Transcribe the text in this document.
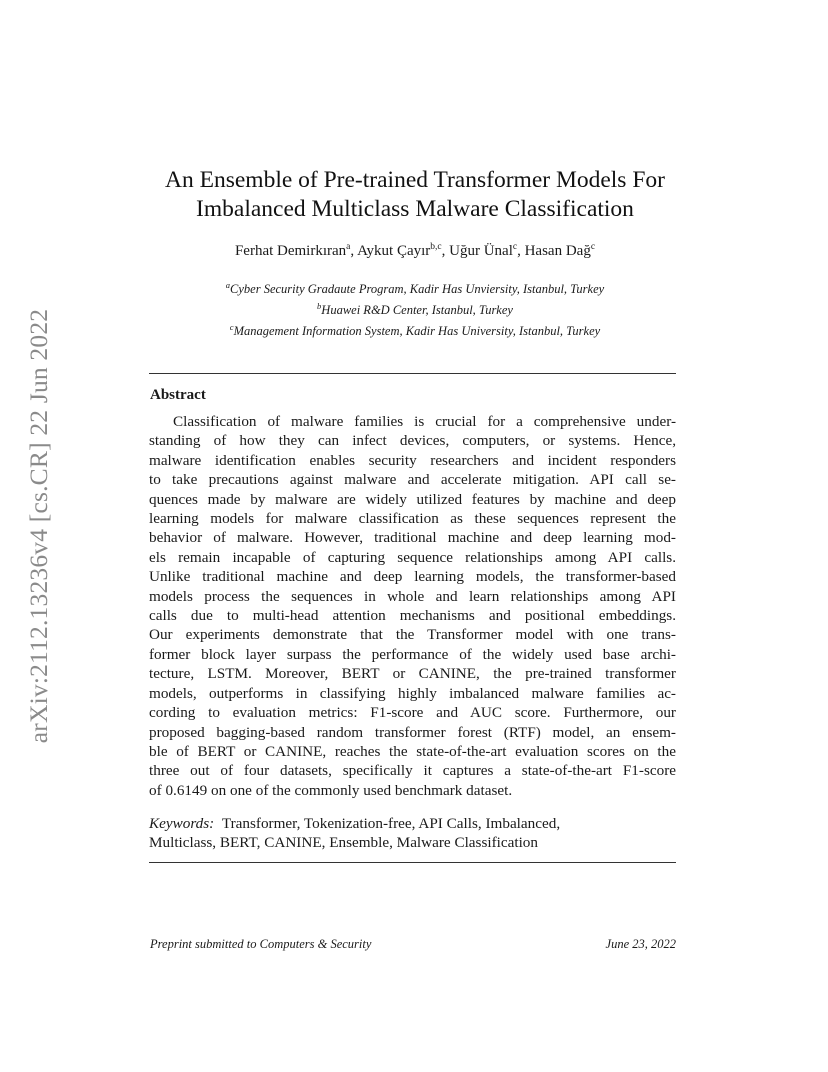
arXiv:2112.13236v4 [cs.CR] 22 Jun 2022
An Ensemble of Pre-trained Transformer Models For
Imbalanced Multiclass Malware Classification
Ferhat Demirkıran$^a$, Aykut Çayır$^{b,c}$, Uğur Ünal$^c$, Hasan Dağ$^c$
$^a$Cyber Security Gradaute Program, Kadir Has Unviersity, Istanbul, Turkey
$^b$Huawei R&D Center, Istanbul, Turkey
$^c$Management Information System, Kadir Has University, Istanbul, Turkey
Abstract
Classification of malware families is crucial for a comprehensive under-
standing of how they can infect devices, computers, or systems. Hence,
malware identification enables security researchers and incident responders
to take precautions against malware and accelerate mitigation. API call se-
quences made by malware are widely utilized features by machine and deep
learning models for malware classification as these sequences represent the
behavior of malware. However, traditional machine and deep learning mod-
els remain incapable of capturing sequence relationships among API calls.
Unlike traditional machine and deep learning models, the transformer-based
models process the sequences in whole and learn relationships among API
calls due to multi-head attention mechanisms and positional embeddings.
Our experiments demonstrate that the Transformer model with one trans-
former block layer surpass the performance of the widely used base archi-
tecture, LSTM. Moreover, BERT or CANINE, the pre-trained transformer
models, outperforms in classifying highly imbalanced malware families ac-
cording to evaluation metrics: F1-score and AUC score. Furthermore, our
proposed bagging-based random transformer forest (RTF) model, an ensem-
ble of BERT or CANINE, reaches the state-of-the-art evaluation scores on the
three out of four datasets, specifically it captures a state-of-the-art F1-score
of 0.6149 on one of the commonly used benchmark dataset.
Keywords: Transformer, Tokenization-free, API Calls, Imbalanced,
Multiclass, BERT, CANINE, Ensemble, Malware Classification
Preprint submitted to Computers & Security	June 23, 2022
